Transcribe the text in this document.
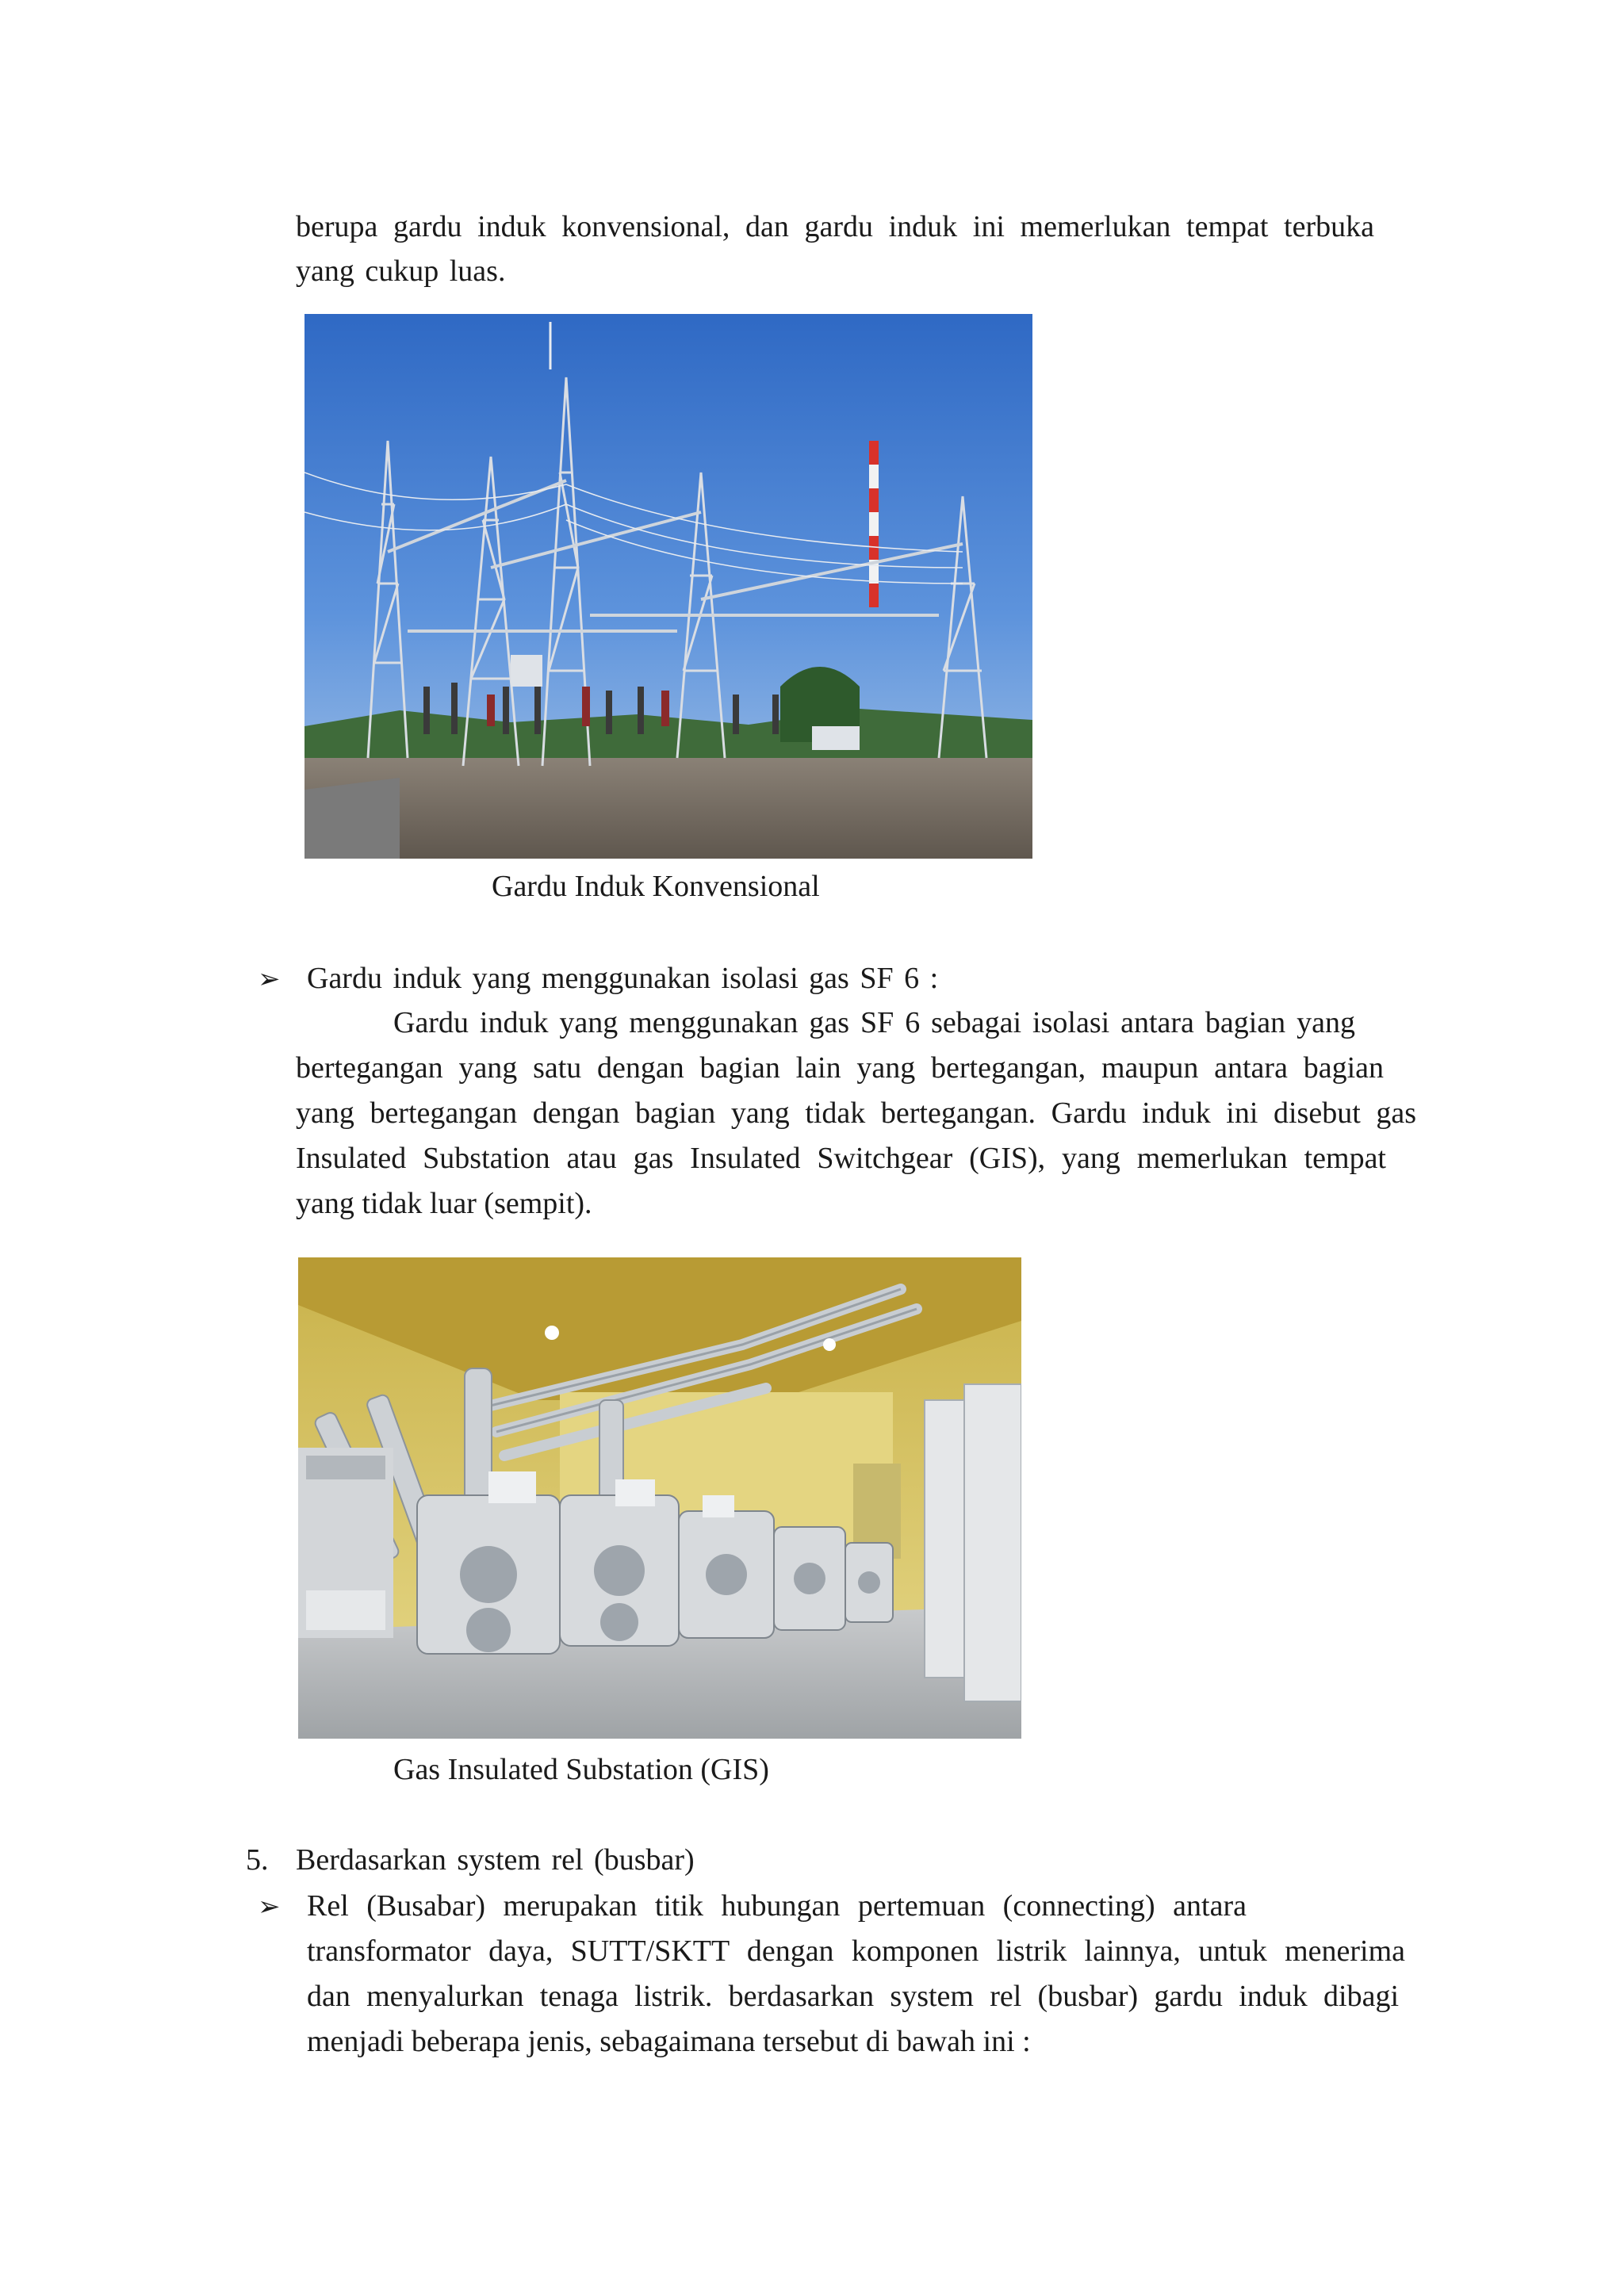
berupa gardu induk konvensional, dan gardu induk ini memerlukan tempat terbuka
yang cukup luas.
Gardu Induk Konvensional
➢ Gardu induk yang menggunakan isolasi gas SF 6 :
Gardu induk yang menggunakan gas SF 6 sebagai isolasi antara bagian yang
bertegangan yang satu dengan bagian lain yang bertegangan, maupun antara bagian
yang bertegangan dengan bagian yang tidak bertegangan. Gardu induk ini disebut gas
Insulated Substation atau gas Insulated Switchgear (GIS), yang memerlukan tempat
yang tidak luar (sempit).
Gas Insulated Substation (GIS)
5. Berdasarkan system rel (busbar)
➢ Rel (Busabar) merupakan titik hubungan pertemuan (connecting) antara
transformator daya, SUTT/SKTT dengan komponen listrik lainnya, untuk menerima
dan menyalurkan tenaga listrik. berdasarkan system rel (busbar) gardu induk dibagi
menjadi beberapa jenis, sebagaimana tersebut di bawah ini :
